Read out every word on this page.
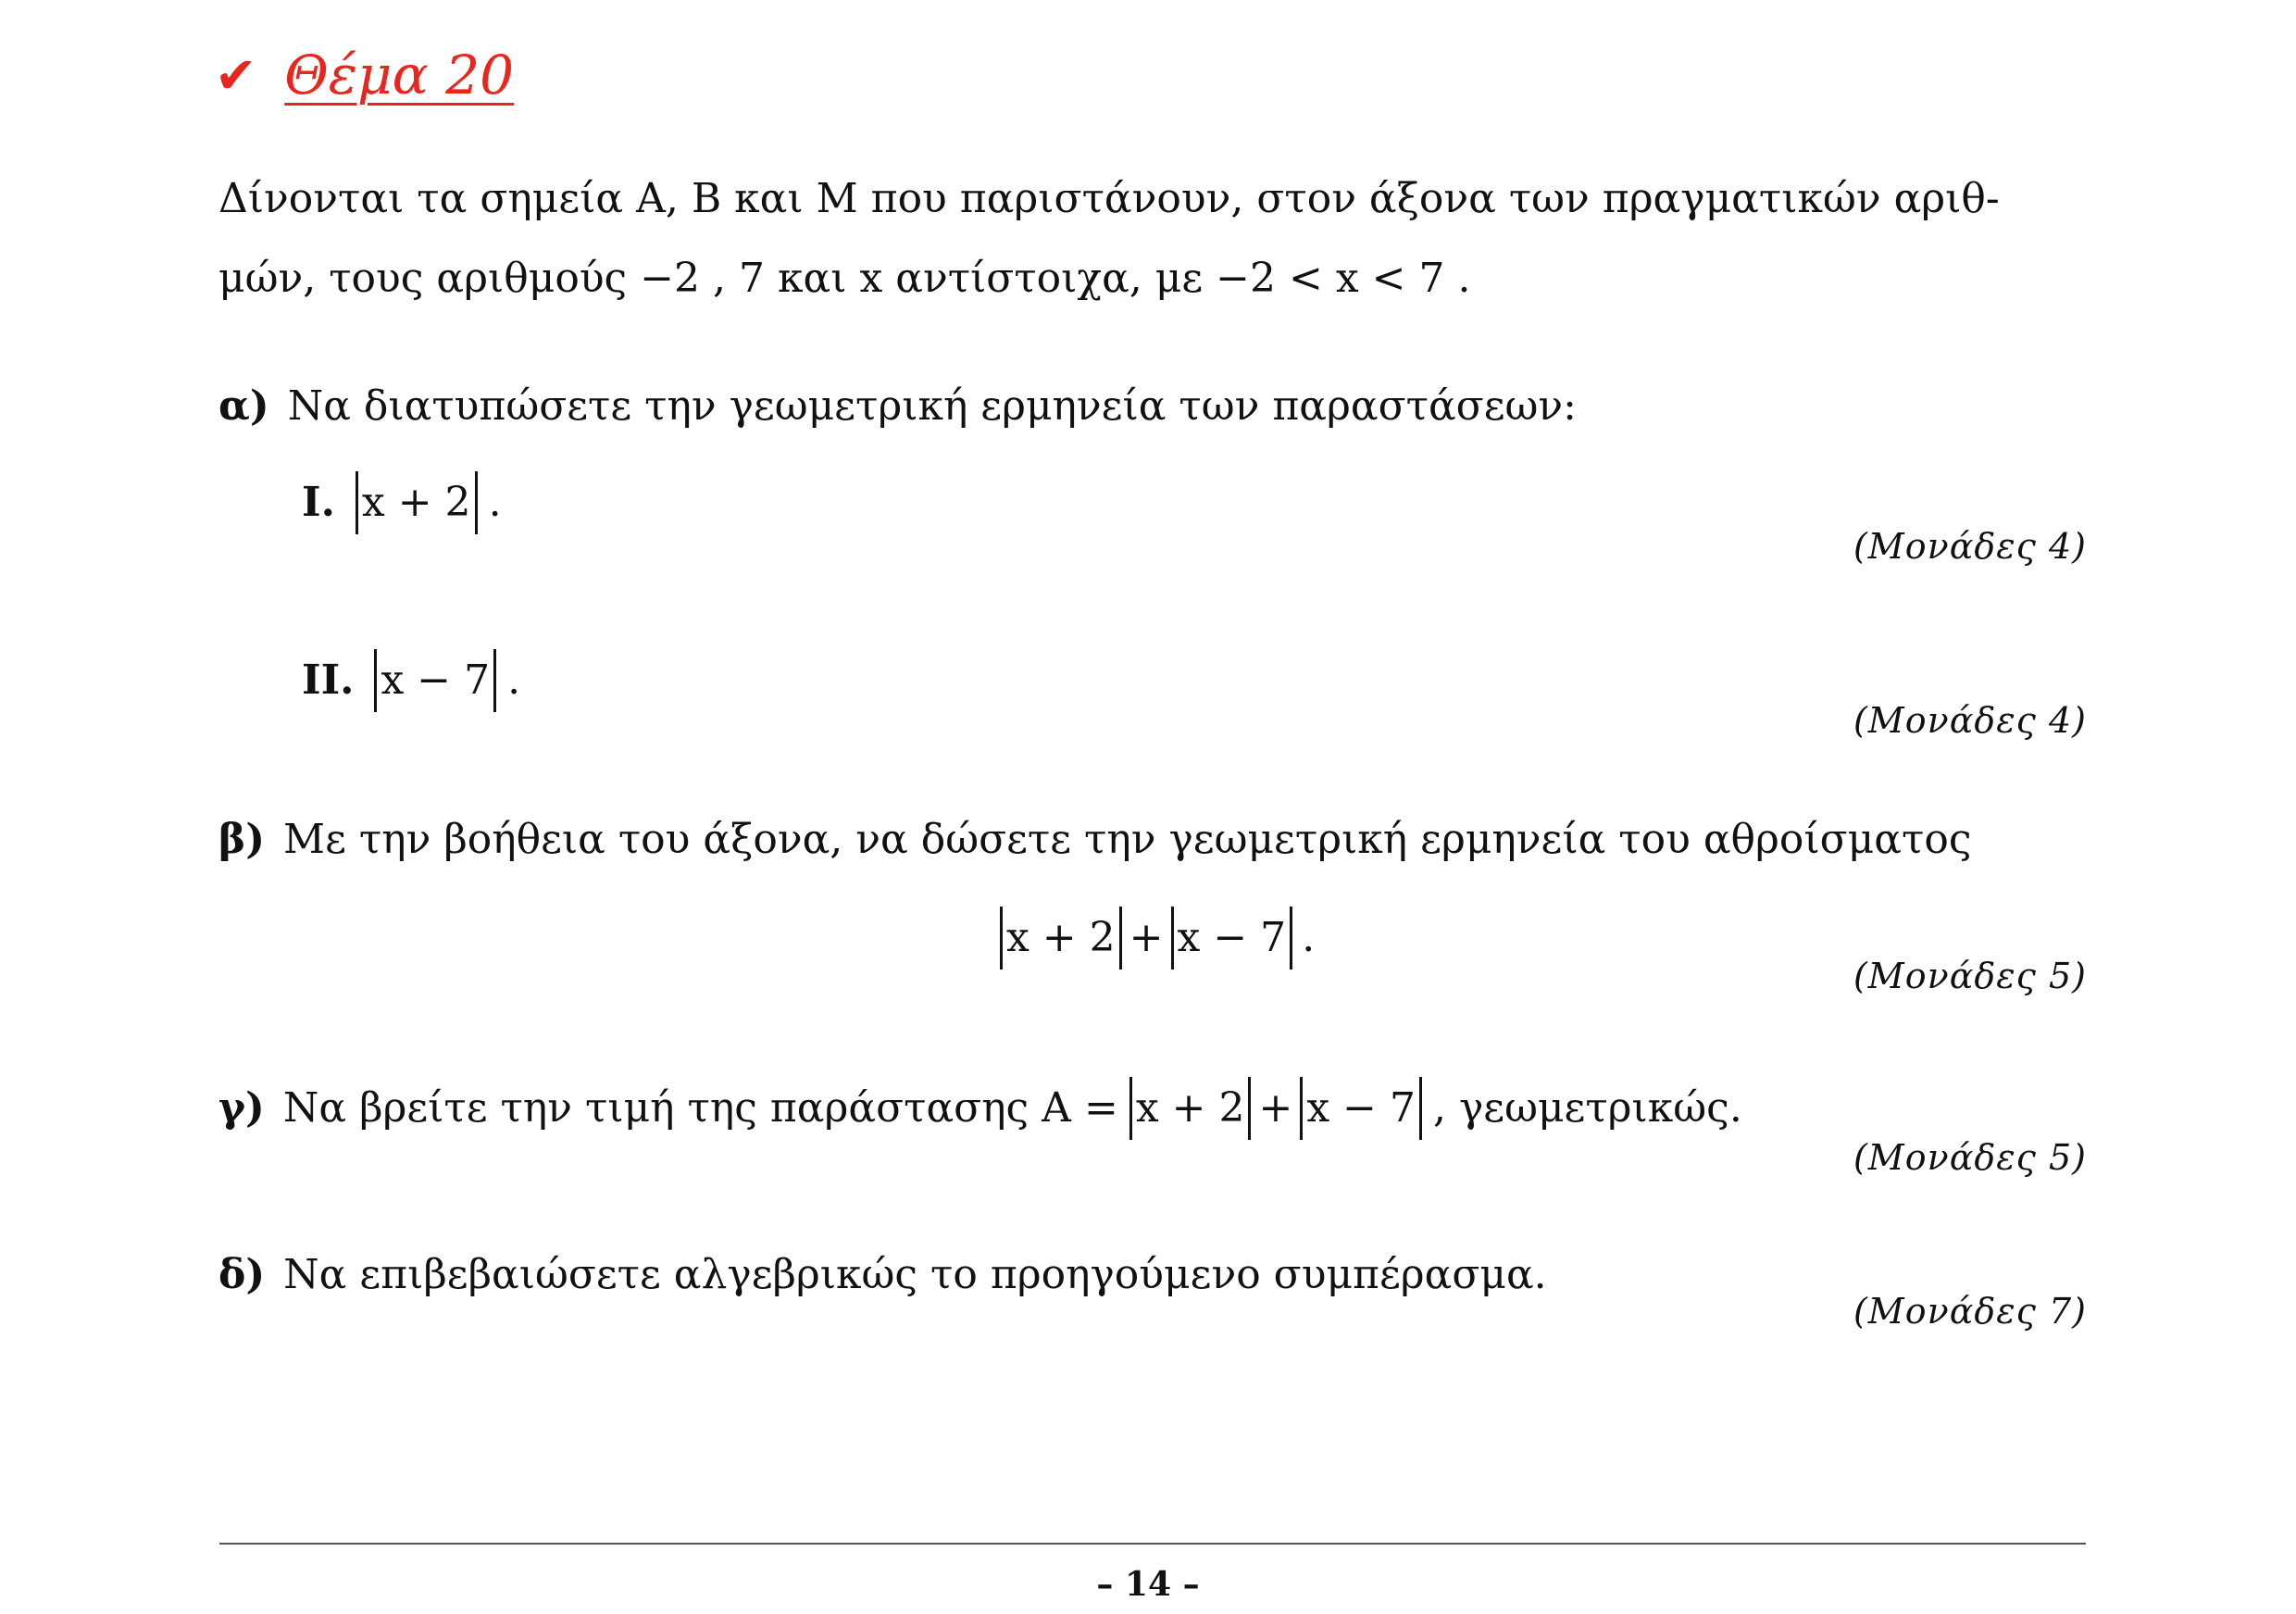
✔ Θέμα 20
Δίνονται τα σημεία Α, Β και Μ που παριστάνουν, στον άξονα των πραγματικών αριθ-
μών, τους αριθμούς −2 , 7 και x αντίστοιχα, με −2 < x < 7 .
α) Να διατυπώσετε την γεωμετρική ερμηνεία των παραστάσεων:
Ι. x + 2 .
(Μονάδες 4)
ΙΙ. x − 7 .
(Μονάδες 4)
β) Με την βοήθεια του άξονα, να δώσετε την γεωμετρική ερμηνεία του αθροίσματος
x + 2 + x − 7 .
(Μονάδες 5)
γ) Να βρείτε την τιμή της παράστασης Α = x + 2 + x − 7 , γεωμετρικώς.
(Μονάδες 5)
δ) Να επιβεβαιώσετε αλγεβρικώς το προηγούμενο συμπέρασμα.
(Μονάδες 7)
– 14 –
